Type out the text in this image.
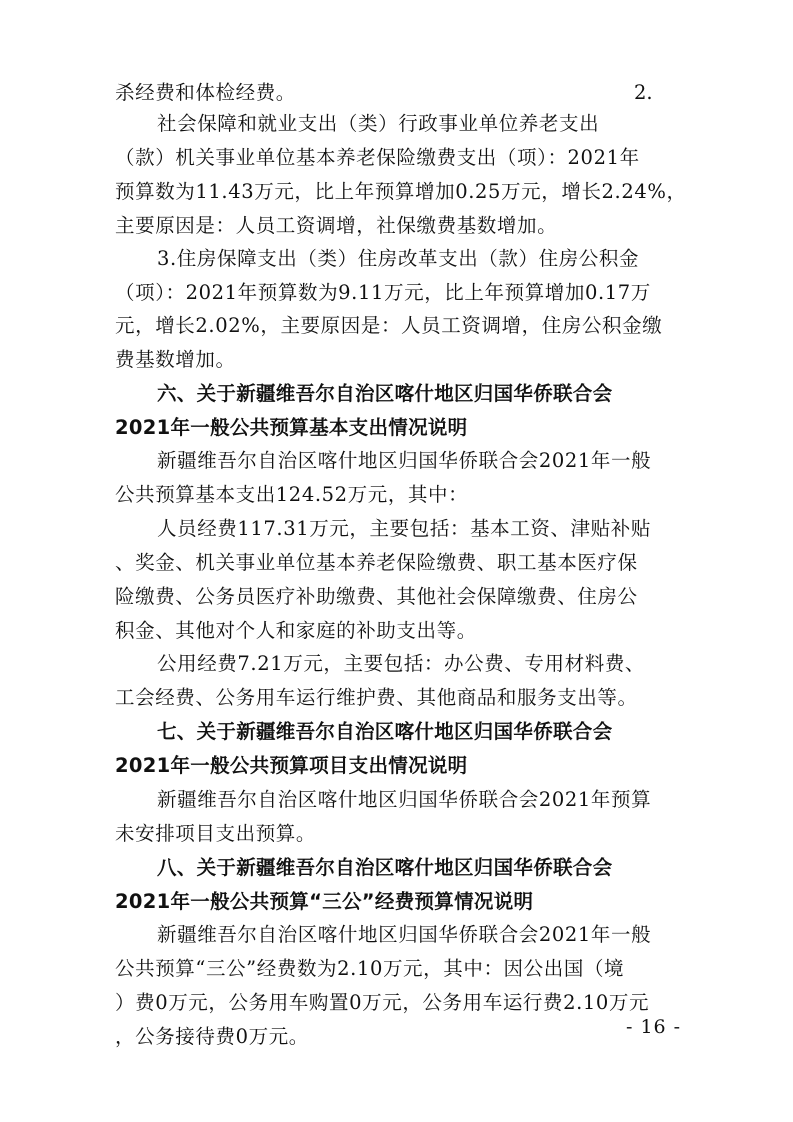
杀经费和体检经费。	2.
社会保障和就业支出（类）行政事业单位养老支出
（款）机关事业单位基本养老保险缴费支出（项）：2021年
预算数为11.43万元，比上年预算增加0.25万元，增长2.24%，
主要原因是：人员工资调增，社保缴费基数增加。
3.住房保障支出（类）住房改革支出（款）住房公积金
（项）：2021年预算数为9.11万元，比上年预算增加0.17万
元，增长2.02%，主要原因是：人员工资调增，住房公积金缴
费基数增加。
六、关于新疆维吾尔自治区喀什地区归国华侨联合会
2021年一般公共预算基本支出情况说明
新疆维吾尔自治区喀什地区归国华侨联合会2021年一般
公共预算基本支出124.52万元，其中：
人员经费117.31万元，主要包括：基本工资、津贴补贴
、奖金、机关事业单位基本养老保险缴费、职工基本医疗保
险缴费、公务员医疗补助缴费、其他社会保障缴费、住房公
积金、其他对个人和家庭的补助支出等。
公用经费7.21万元，主要包括：办公费、专用材料费、
工会经费、公务用车运行维护费、其他商品和服务支出等。
七、关于新疆维吾尔自治区喀什地区归国华侨联合会
2021年一般公共预算项目支出情况说明
新疆维吾尔自治区喀什地区归国华侨联合会2021年预算
未安排项目支出预算。
八、关于新疆维吾尔自治区喀什地区归国华侨联合会
2021年一般公共预算“三公”经费预算情况说明
新疆维吾尔自治区喀什地区归国华侨联合会2021年一般
公共预算“三公”经费数为2.10万元，其中：因公出国（境
）费0万元，公务用车购置0万元，公务用车运行费2.10万元
，公务接待费0万元。	- 16 -
